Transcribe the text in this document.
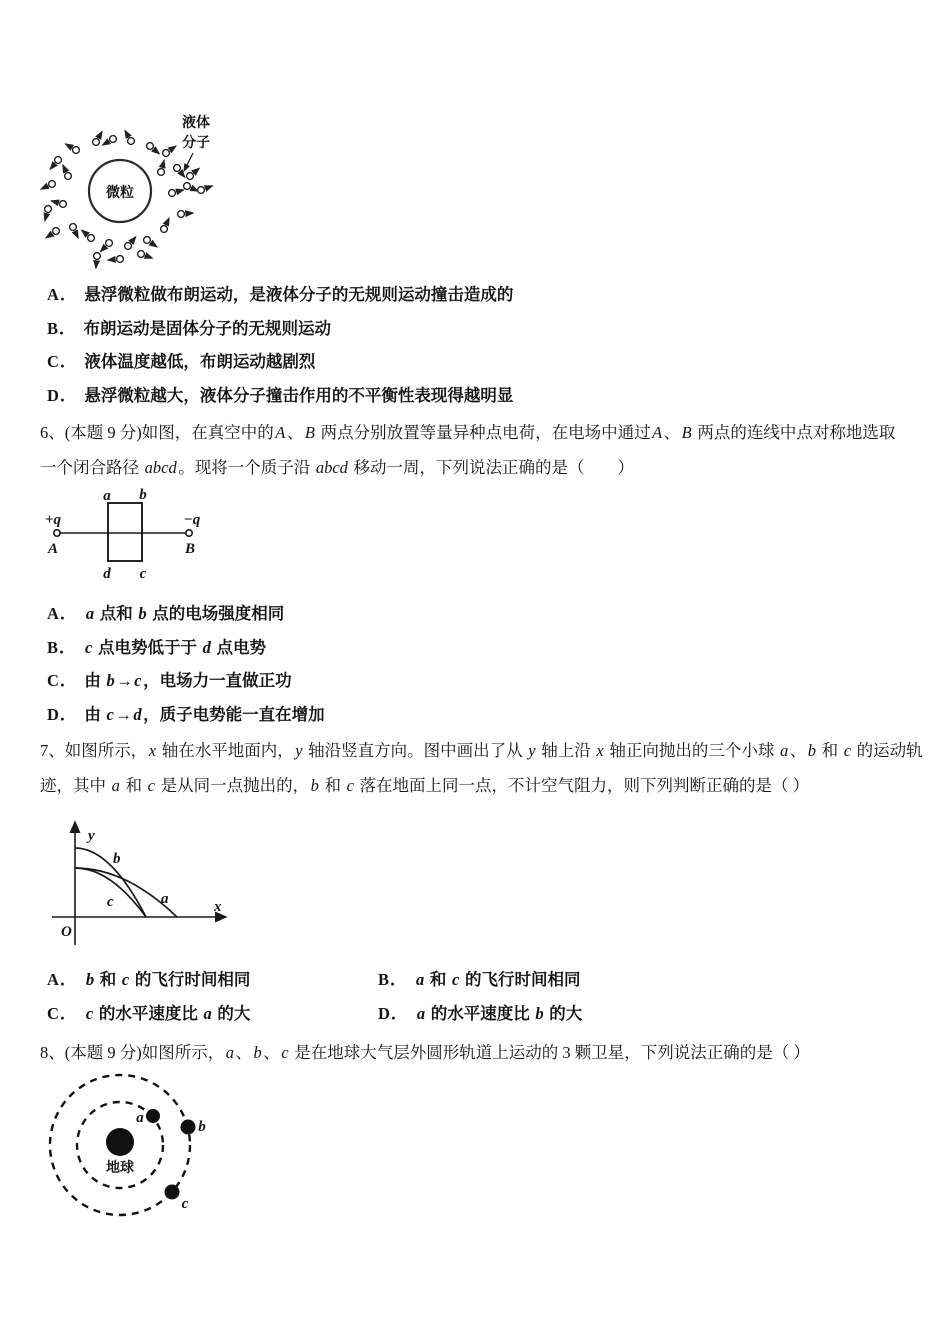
微粒
液体
分子
A． 悬浮微粒做布朗运动，是液体分子的无规则运动撞击造成的
B． 布朗运动是固体分子的无规则运动
C． 液体温度越低，布朗运动越剧烈
D． 悬浮微粒越大，液体分子撞击作用的不平衡性表现得越明显
6、(本题 9 分)如图，在真空中的A、B 两点分别放置等量异种点电荷，在电场中通过A、B 两点的连线中点对称地选取
一个闭合路径 abcd。现将一个质子沿 abcd 移动一周，下列说法正确的是（　　）
+q	−q
A	B
a b
d c
A． a 点和 b 点的电场强度相同
B． c 点电势低于于 d 点电势
C． 由 b→c，电场力一直做正功
D． 由 c→d，质子电势能一直在增加
7、如图所示，x 轴在水平地面内，y 轴沿竖直方向。图中画出了从 y 轴上沿 x 轴正向抛出的三个小球 a、b 和 c 的运动轨
迹，其中 a 和 c 是从同一点抛出的，b 和 c 落在地面上同一点，不计空气阻力，则下列判断正确的是（ ）
y
x
O
b
c	a
A． b 和 c 的飞行时间相同	B． a 和 c 的飞行时间相同
C． c 的水平速度比 a 的大	D． a 的水平速度比 b 的大
8、(本题 9 分)如图所示，a、b、c 是在地球大气层外圆形轨道上运动的 3 颗卫星，下列说法正确的是（ ）
地球
a
b
c
